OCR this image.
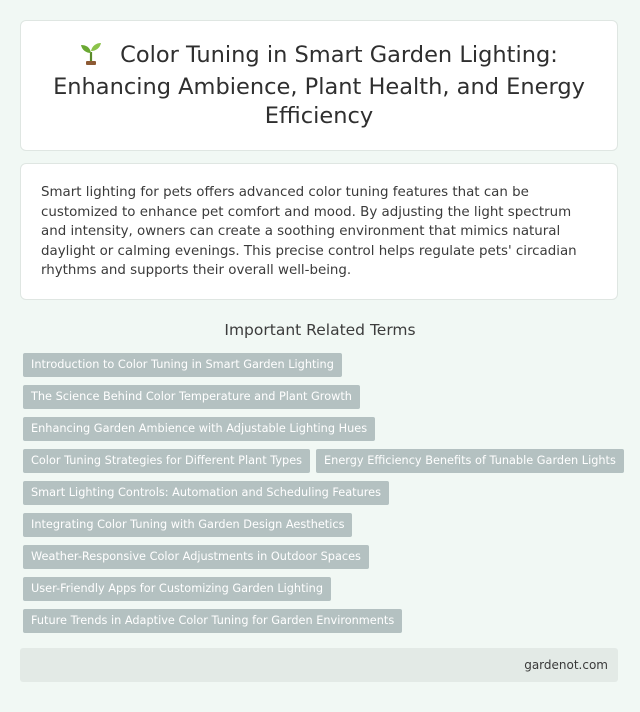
Color Tuning in Smart Garden Lighting: Enhancing Ambience, Plant Health, and Energy Efficiency

Smart lighting for pets offers advanced color tuning features that can be customized to enhance pet comfort and mood. By adjusting the light spectrum and intensity, owners can create a soothing environment that mimics natural daylight or calming evenings. This precise control helps regulate pets' circadian rhythms and supports their overall well-being.

Important Related Terms
Introduction to Color Tuning in Smart Garden Lighting
The Science Behind Color Temperature and Plant Growth
Enhancing Garden Ambience with Adjustable Lighting Hues
Color Tuning Strategies for Different Plant Types	Energy Efficiency Benefits of Tunable Garden Lights
Smart Lighting Controls: Automation and Scheduling Features
Integrating Color Tuning with Garden Design Aesthetics
Weather-Responsive Color Adjustments in Outdoor Spaces
User-Friendly Apps for Customizing Garden Lighting
Future Trends in Adaptive Color Tuning for Garden Environments
gardenot.com
